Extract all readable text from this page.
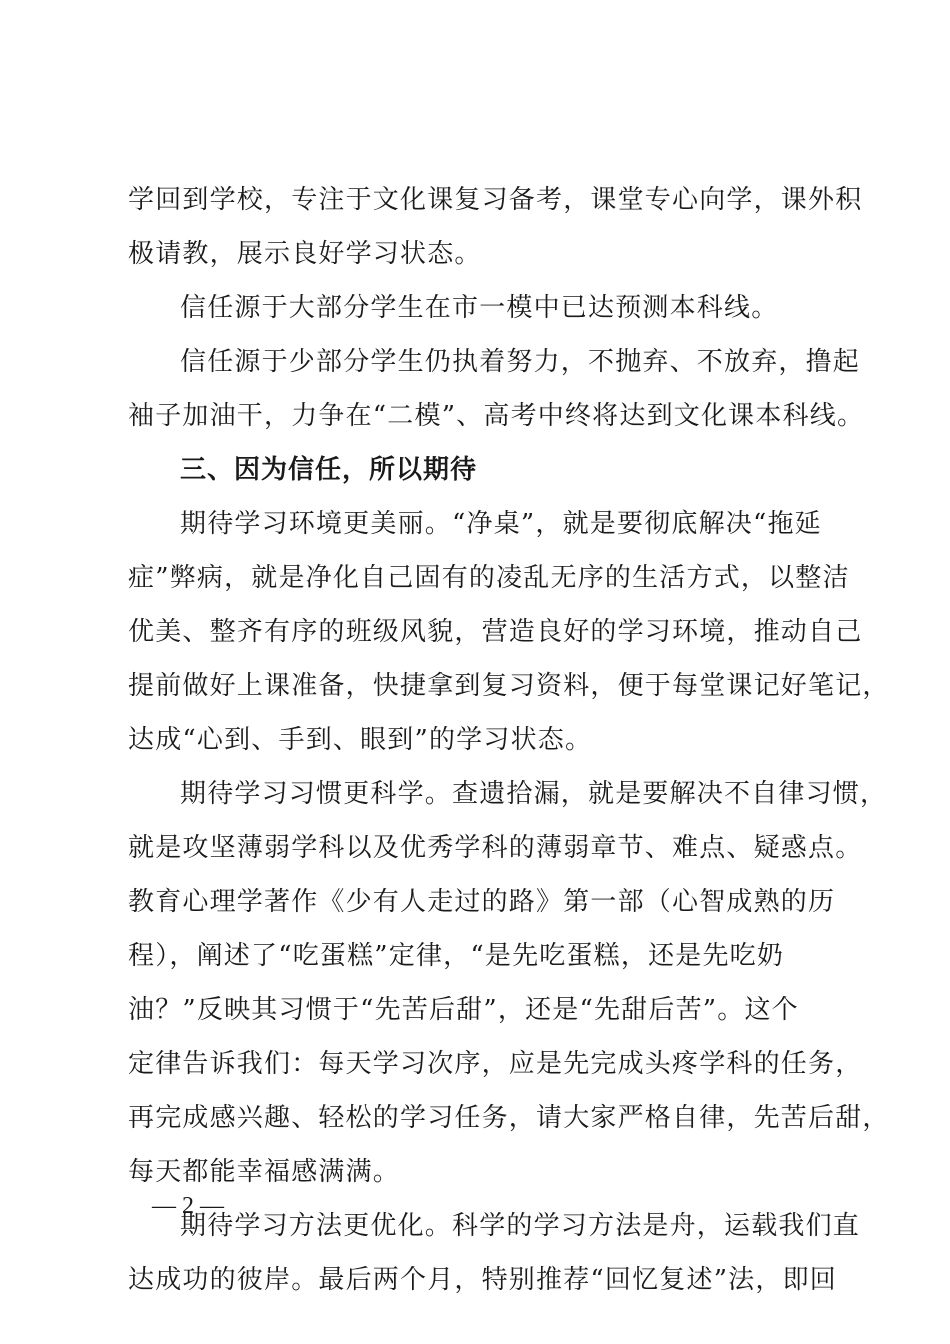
学回到学校，专注于文化课复习备考，课堂专心向学，课外积
极请教，展示良好学习状态。
信任源于大部分学生在市一模中已达预测本科线。
信任源于少部分学生仍执着努力，不抛弃、不放弃，撸起
袖子加油干，力争在“二模”、高考中终将达到文化课本科线。
三、因为信任，所以期待
期待学习环境更美丽。“净桌”，就是要彻底解决“拖延
症”弊病，就是净化自己固有的凌乱无序的生活方式，以整洁
优美、整齐有序的班级风貌，营造良好的学习环境，推动自己
提前做好上课准备，快捷拿到复习资料，便于每堂课记好笔记，
达成“心到、手到、眼到”的学习状态。
期待学习习惯更科学。查遗拾漏，就是要解决不自律习惯，
就是攻坚薄弱学科以及优秀学科的薄弱章节、难点、疑惑点。
教育心理学著作《少有人走过的路》第一部（心智成熟的历
程），阐述了“吃蛋糕”定律，“是先吃蛋糕，还是先吃奶
油？”反映其习惯于“先苦后甜”，还是“先甜后苦”。这个
定律告诉我们：每天学习次序，应是先完成头疼学科的任务，
再完成感兴趣、轻松的学习任务，请大家严格自律，先苦后甜，
每天都能幸福感满满。
期待学习方法更优化。科学的学习方法是舟，运载我们直
达成功的彼岸。最后两个月，特别推荐“回忆复述”法，即回
— 2 —
